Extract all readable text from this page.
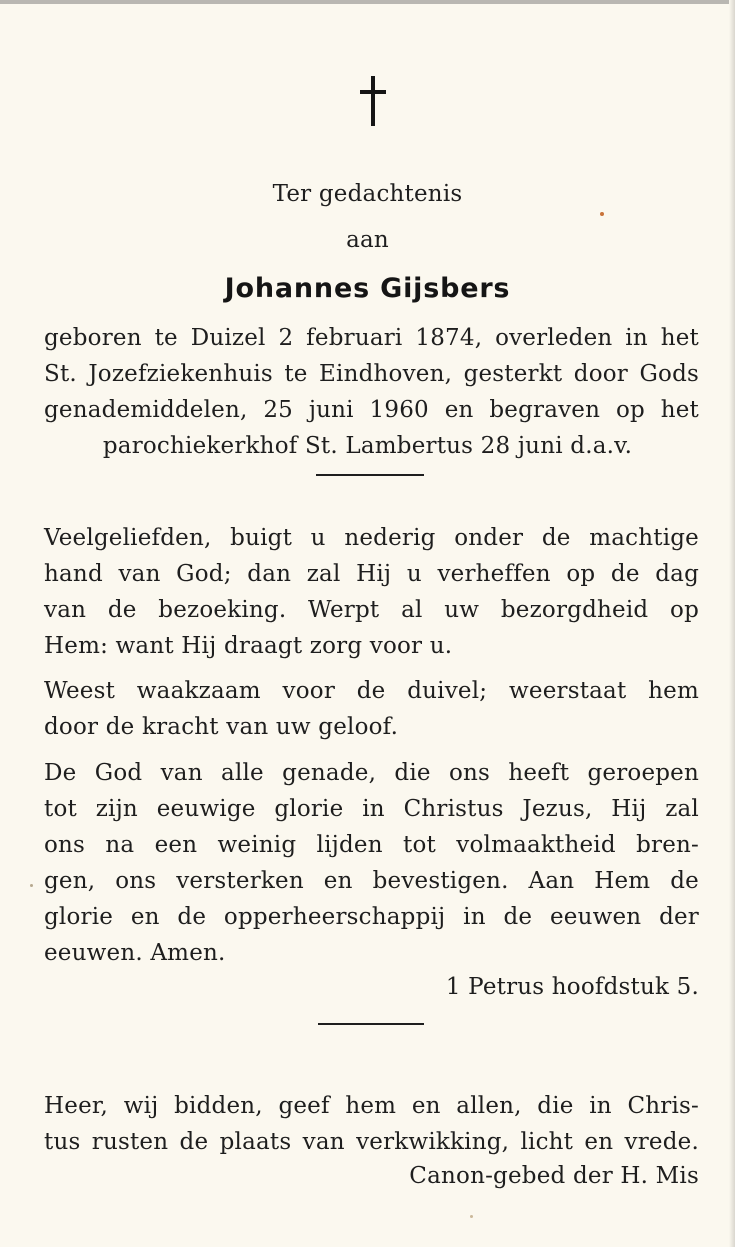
Ter gedachtenis
aan
Johannes Gijsbers
geboren te Duizel 2 februari 1874, overleden in het
St. Jozefziekenhuis te Eindhoven, gesterkt door Gods
genademiddelen, 25 juni 1960 en begraven op het
parochiekerkhof St. Lambertus 28 juni d.a.v.
Veelgeliefden, buigt u nederig onder de machtige
hand van God; dan zal Hij u verheffen op de dag
van de bezoeking. Werpt al uw bezorgdheid op
Hem: want Hij draagt zorg voor u.
Weest waakzaam voor de duivel; weerstaat hem
door de kracht van uw geloof.
De God van alle genade, die ons heeft geroepen
tot zijn eeuwige glorie in Christus Jezus, Hij zal
ons na een weinig lijden tot volmaaktheid bren-
gen, ons versterken en bevestigen. Aan Hem de
glorie en de opperheerschappij in de eeuwen der
eeuwen. Amen.
1 Petrus hoofdstuk 5.
Heer, wij bidden, geef hem en allen, die in Chris-
tus rusten de plaats van verkwikking, licht en vrede.
Canon-gebed der H. Mis
